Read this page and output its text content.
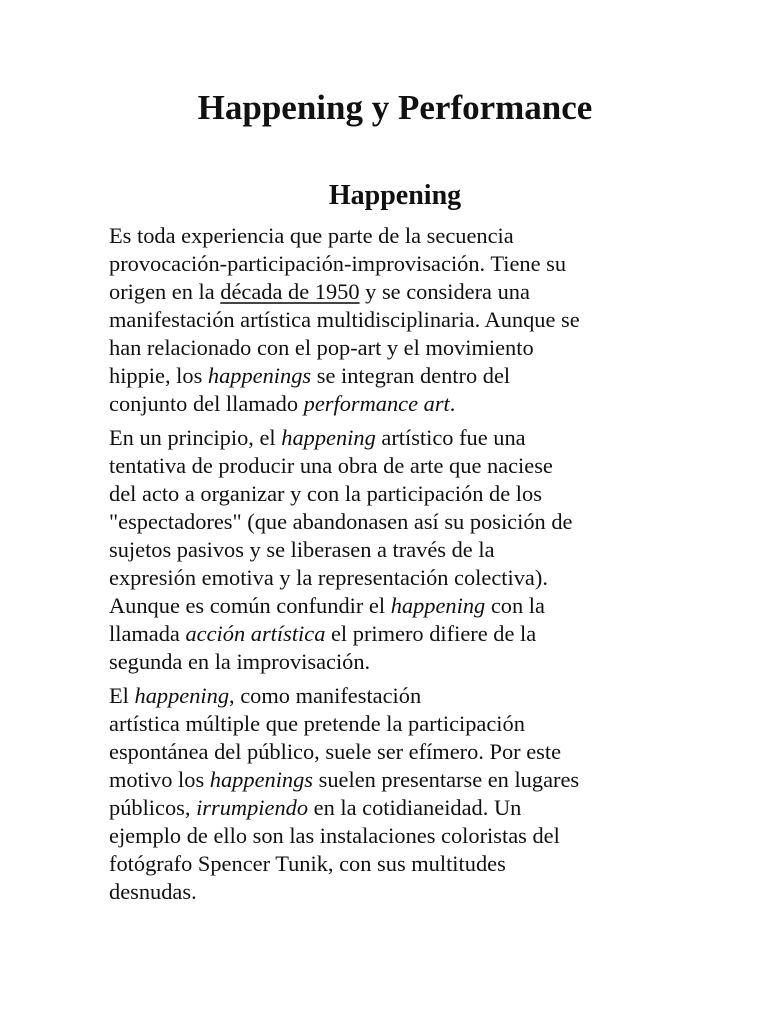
Happening y Performance
Happening

Es toda experiencia que parte de la secuencia
provocación-participación-improvisación. Tiene su
origen en la década de 1950 y se considera una
manifestación artística multidisciplinaria. Aunque se
han relacionado con el pop-art y el movimiento
hippie, los happenings se integran dentro del
conjunto del llamado performance art.

En un principio, el happening artístico fue una
tentativa de producir una obra de arte que naciese
del acto a organizar y con la participación de los
"espectadores" (que abandonasen así su posición de
sujetos pasivos y se liberasen a través de la
expresión emotiva y la representación colectiva).
Aunque es común confundir el happening con la
llamada acción artística el primero difiere de la
segunda en la improvisación.

El happening, como manifestación
artística múltiple que pretende la participación
espontánea del público, suele ser efímero. Por este
motivo los happenings suelen presentarse en lugares
públicos, irrumpiendo en la cotidianeidad. Un
ejemplo de ello son las instalaciones coloristas del
fotógrafo Spencer Tunik, con sus multitudes
desnudas.
